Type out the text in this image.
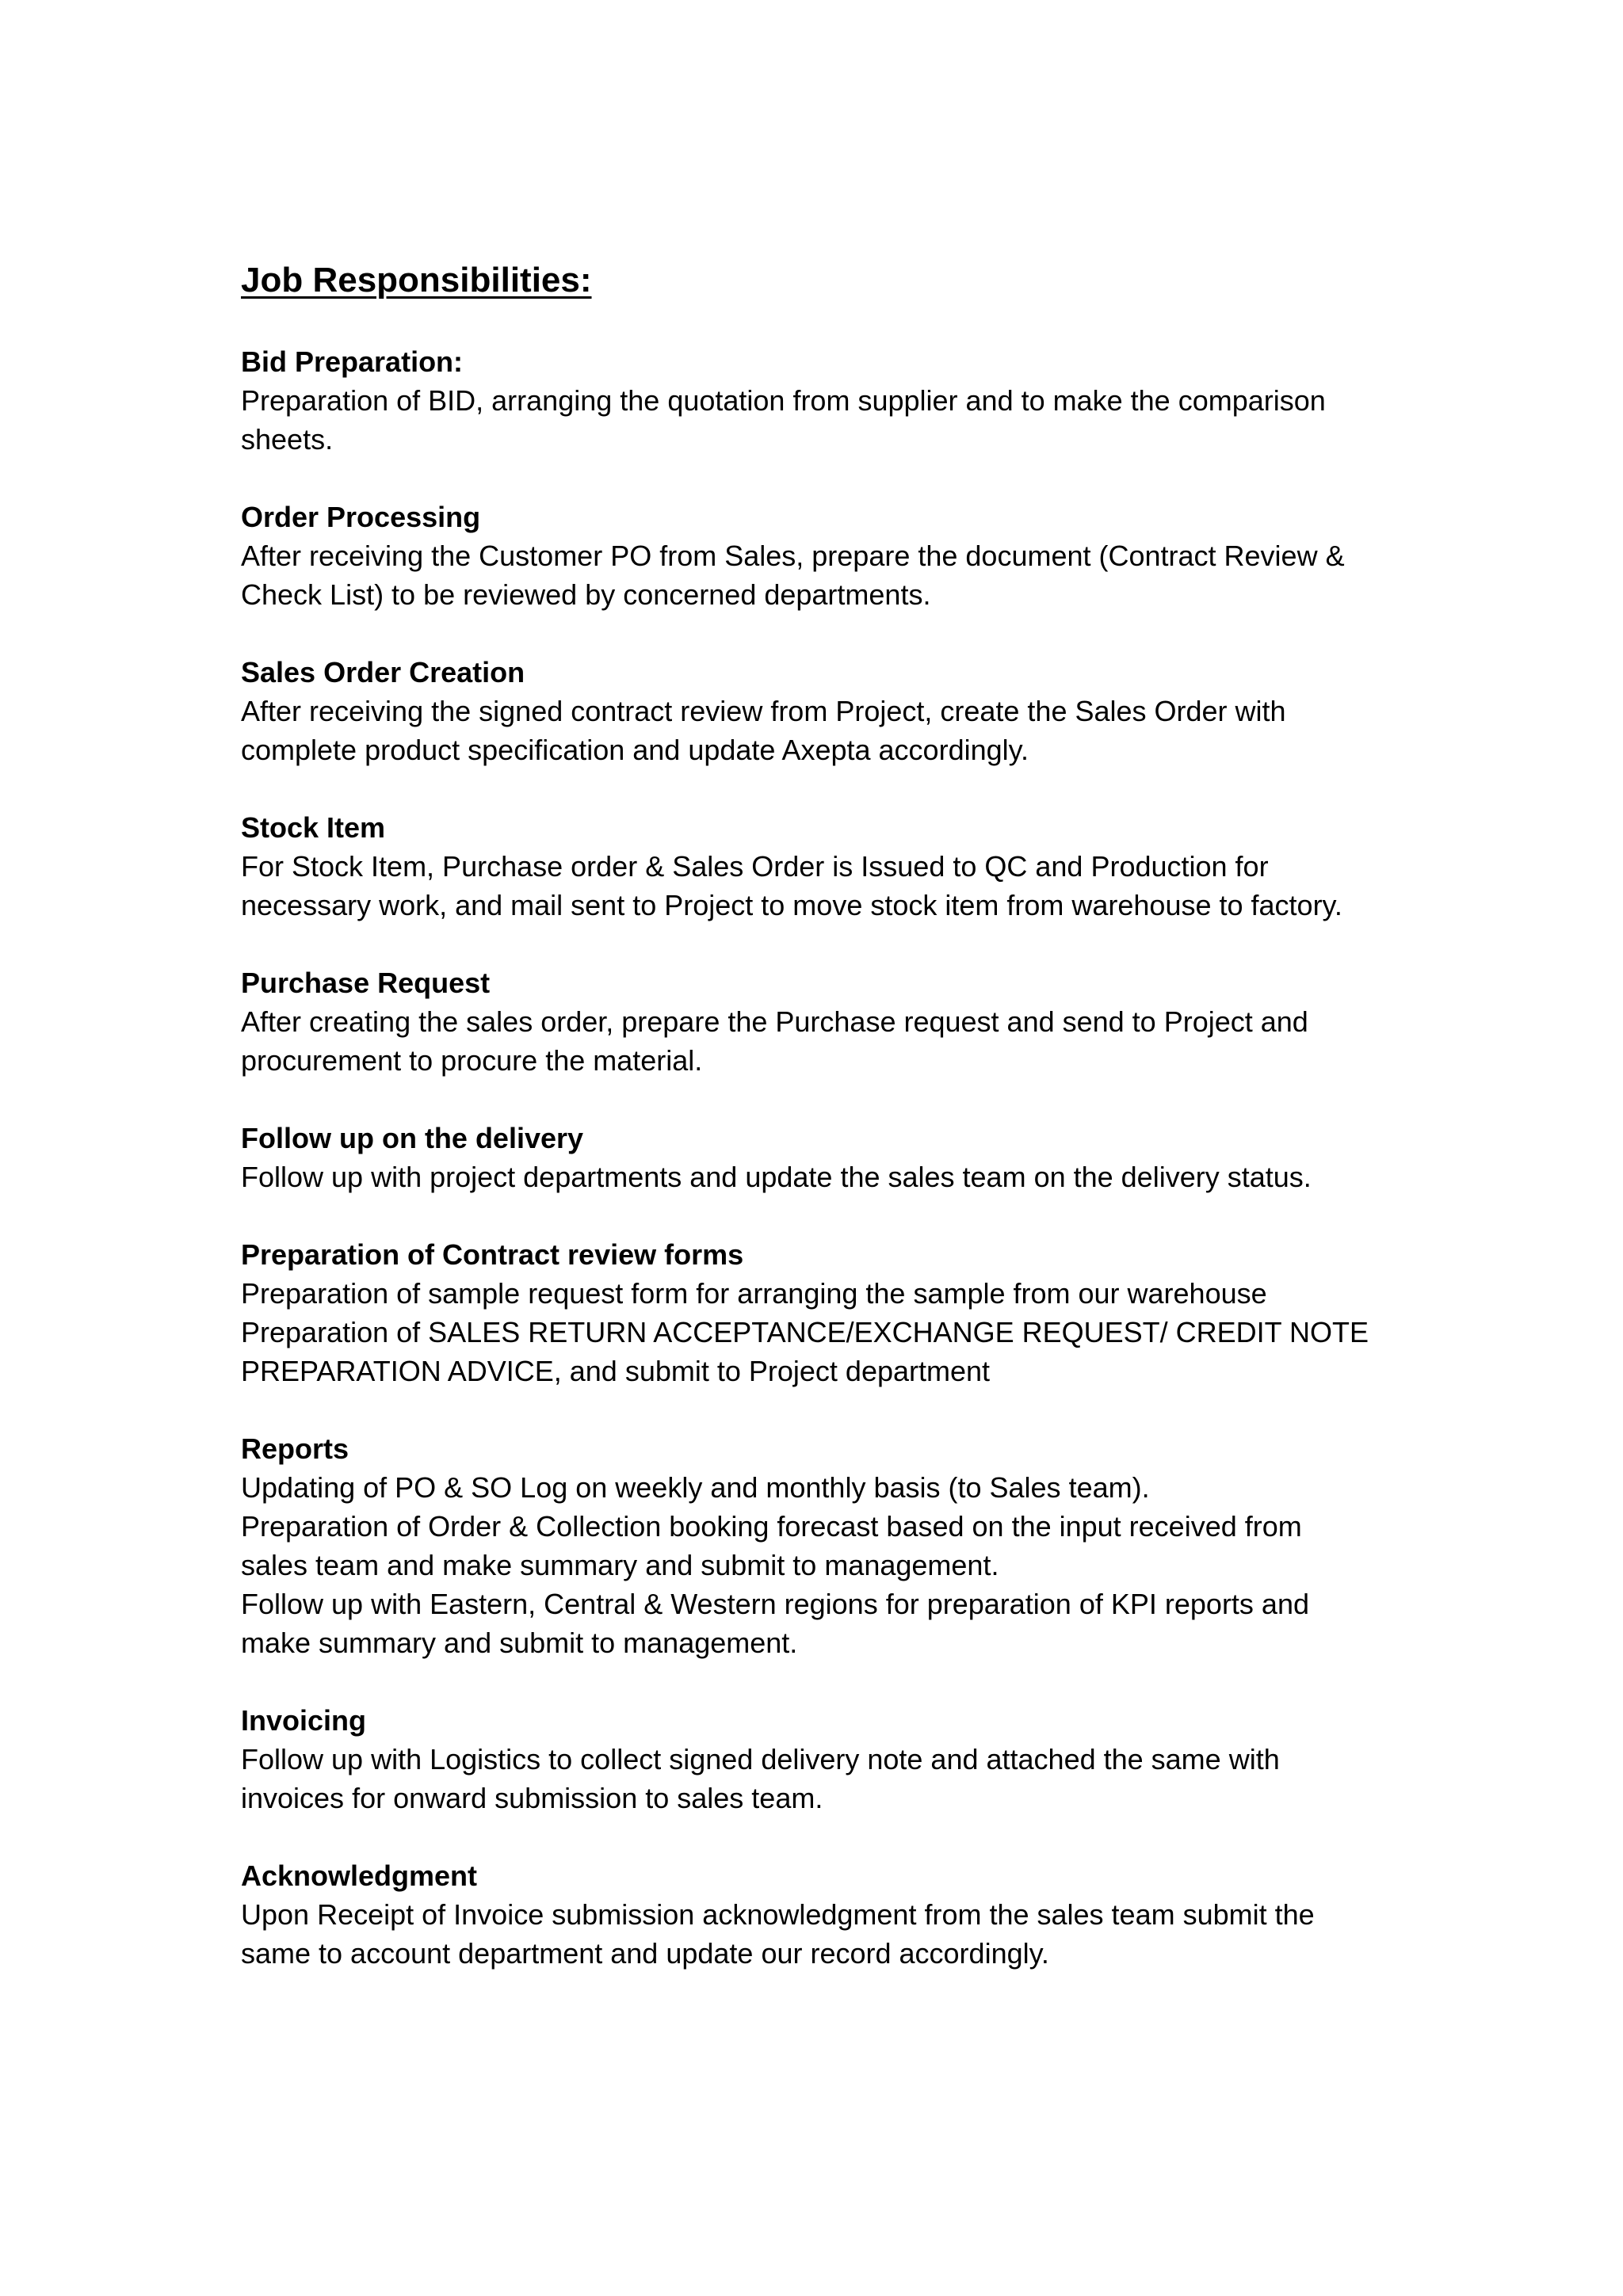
Job Responsibilities:

Bid Preparation:

Preparation of BID, arranging the quotation from supplier and to make the comparison

sheets.

Order Processing

After receiving the Customer PO from Sales, prepare the document (Contract Review &

Check List) to be reviewed by concerned departments.

Sales Order Creation

After receiving the signed contract review from Project, create the Sales Order with

complete product specification and update Axepta accordingly.

Stock Item

For Stock Item, Purchase order & Sales Order is Issued to QC and Production for

necessary work, and mail sent to Project to move stock item from warehouse to factory.

Purchase Request

After creating the sales order, prepare the Purchase request and send to Project and

procurement to procure the material.

Follow up on the delivery

Follow up with project departments and update the sales team on the delivery status.

Preparation of Contract review forms

Preparation of sample request form for arranging the sample from our warehouse

Preparation of SALES RETURN ACCEPTANCE/EXCHANGE REQUEST/ CREDIT NOTE

PREPARATION ADVICE, and submit to Project department

Reports

Updating of PO & SO Log on weekly and monthly basis (to Sales team).

Preparation of Order & Collection booking forecast based on the input received from

sales team and make summary and submit to management.

Follow up with Eastern, Central & Western regions for preparation of KPI reports and

make summary and submit to management.

Invoicing

Follow up with Logistics to collect signed delivery note and attached the same with

invoices for onward submission to sales team.

Acknowledgment

Upon Receipt of Invoice submission acknowledgment from the sales team submit the

same to account department and update our record accordingly.
